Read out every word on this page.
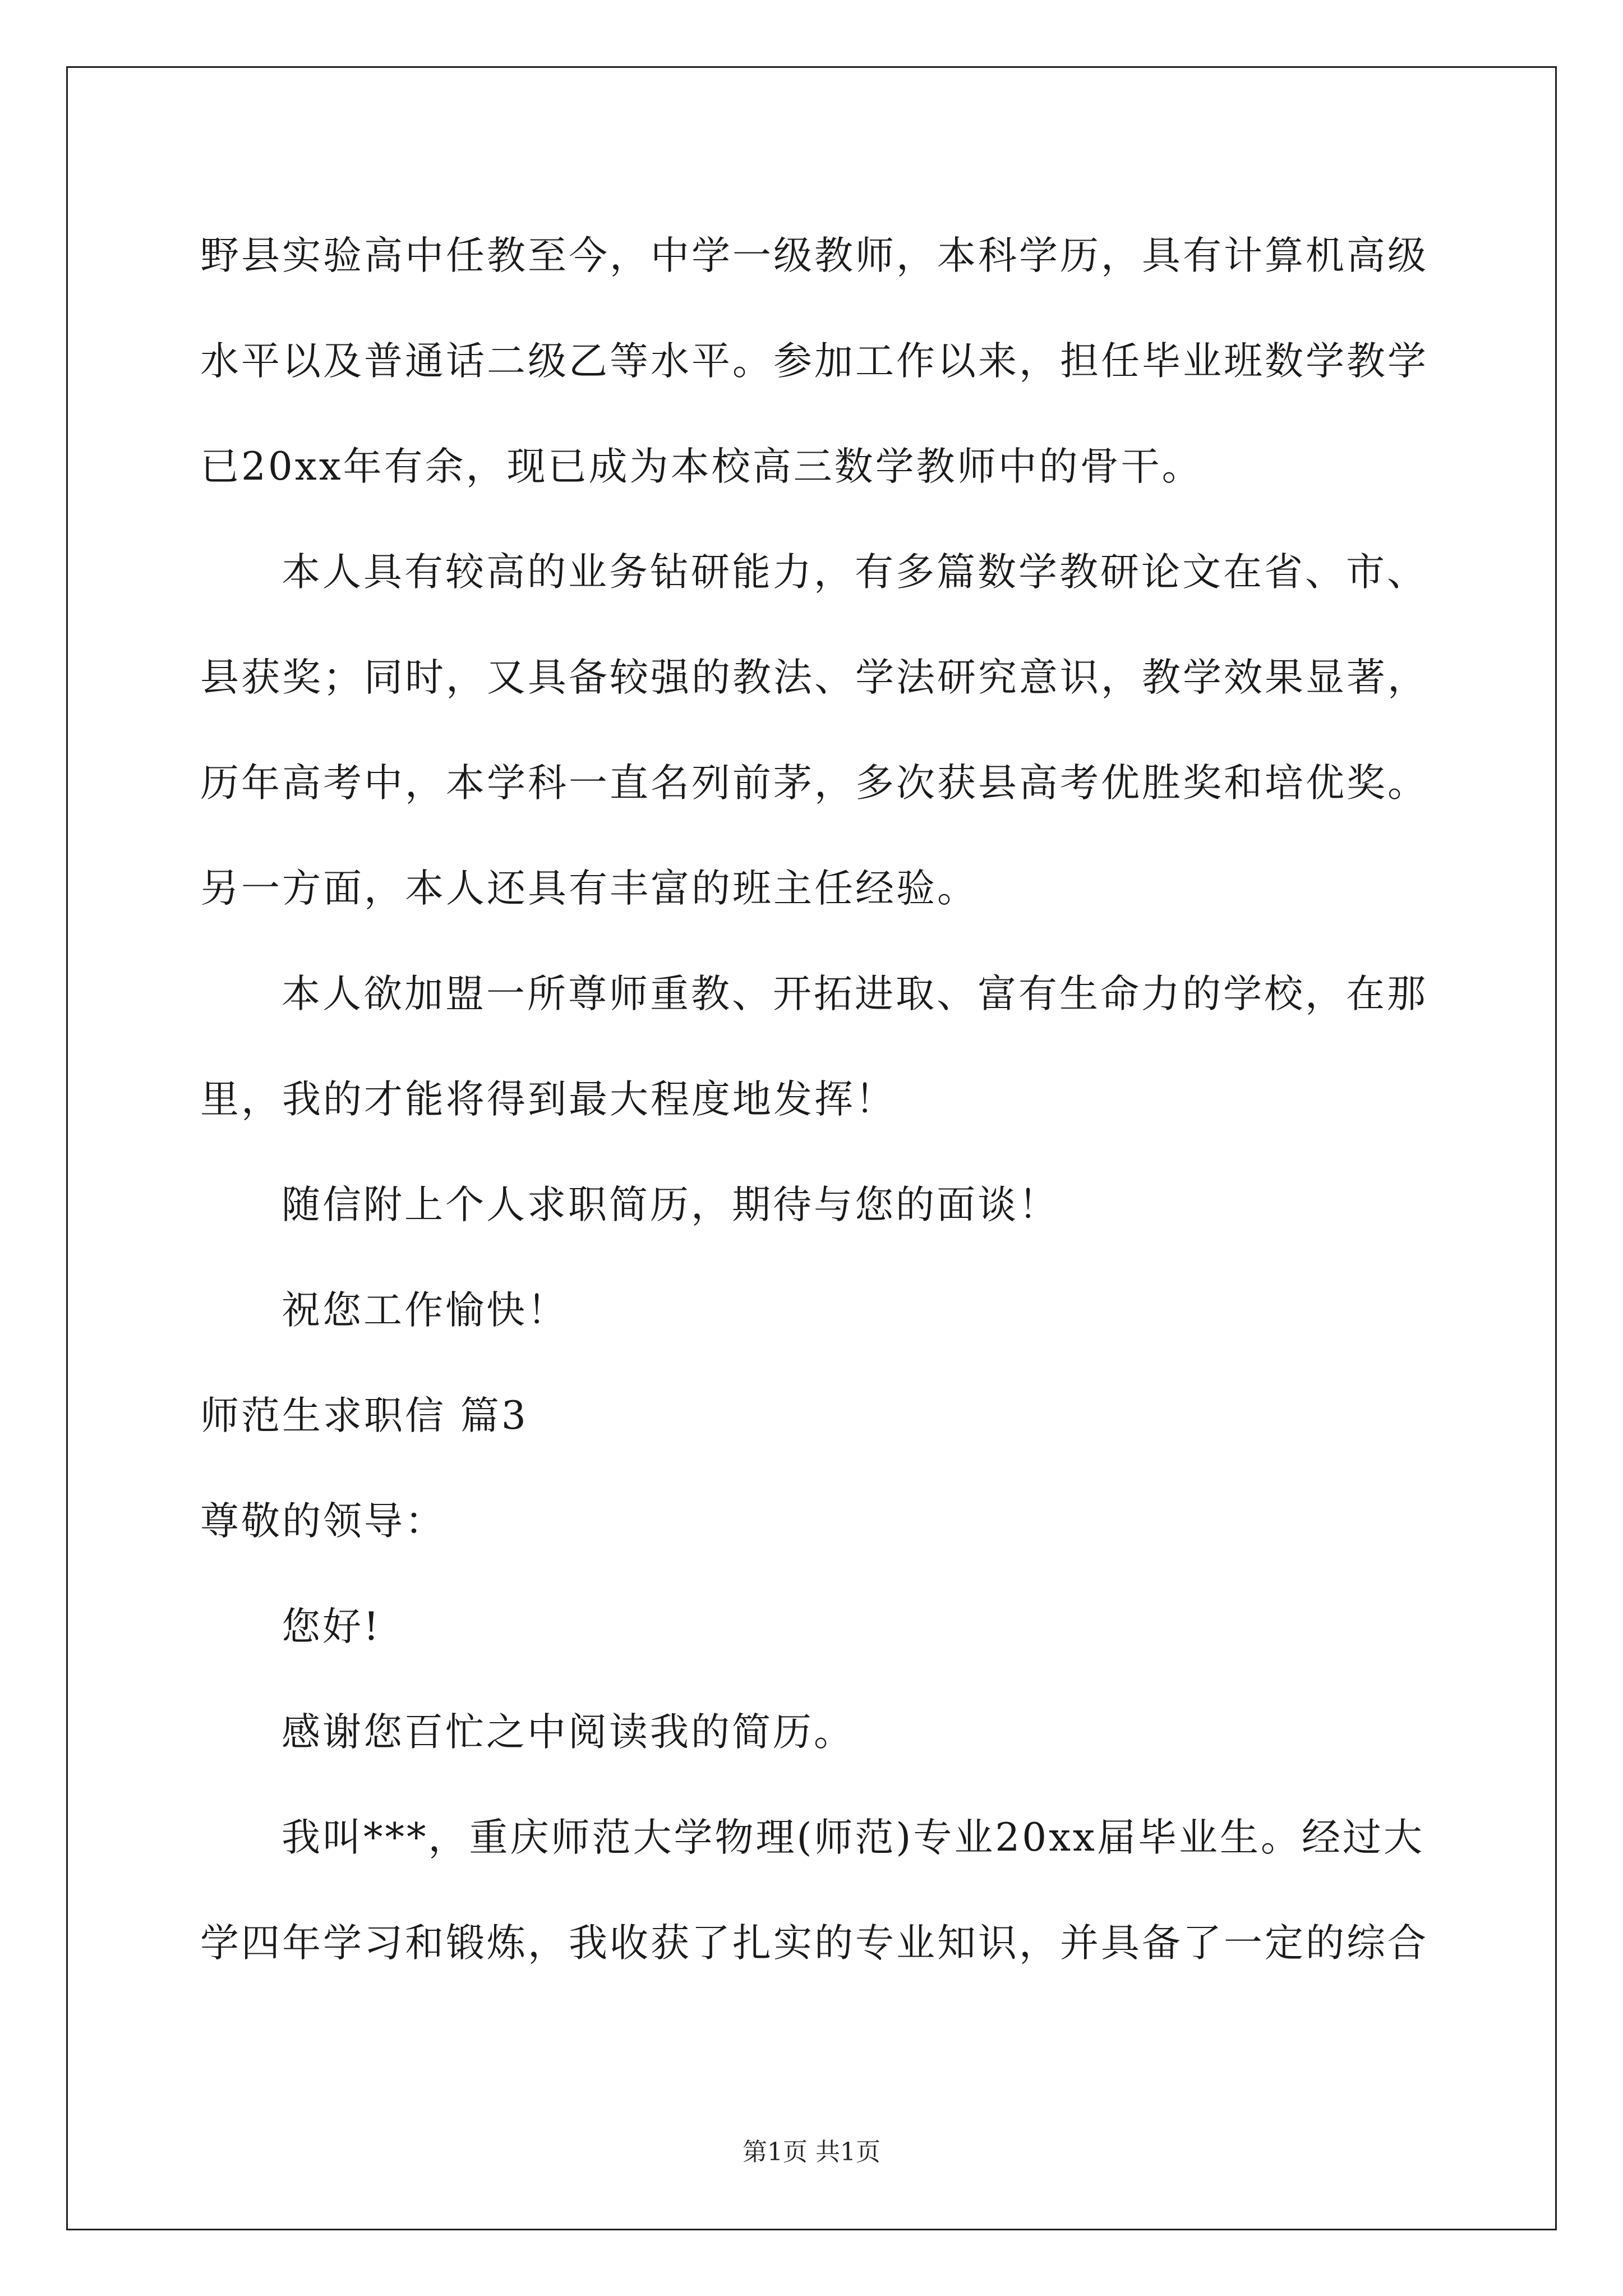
野县实验高中任教至今，中学一级教师，本科学历，具有计算机高级
水平以及普通话二级乙等水平。参加工作以来，担任毕业班数学教学
已20xx年有余，现已成为本校高三数学教师中的骨干。
本人具有较高的业务钻研能力，有多篇数学教研论文在省、市、
县获奖；同时，又具备较强的教法、学法研究意识，教学效果显著，
历年高考中，本学科一直名列前茅，多次获县高考优胜奖和培优奖。
另一方面，本人还具有丰富的班主任经验。
本人欲加盟一所尊师重教、开拓进取、富有生命力的学校，在那
里，我的才能将得到最大程度地发挥！
随信附上个人求职简历，期待与您的面谈！
祝您工作愉快！
师范生求职信 篇3
尊敬的领导：
您好!
感谢您百忙之中阅读我的简历。
我叫***，重庆师范大学物理(师范)专业20xx届毕业生。经过大
学四年学习和锻炼，我收获了扎实的专业知识，并具备了一定的综合
第1页 共1页
